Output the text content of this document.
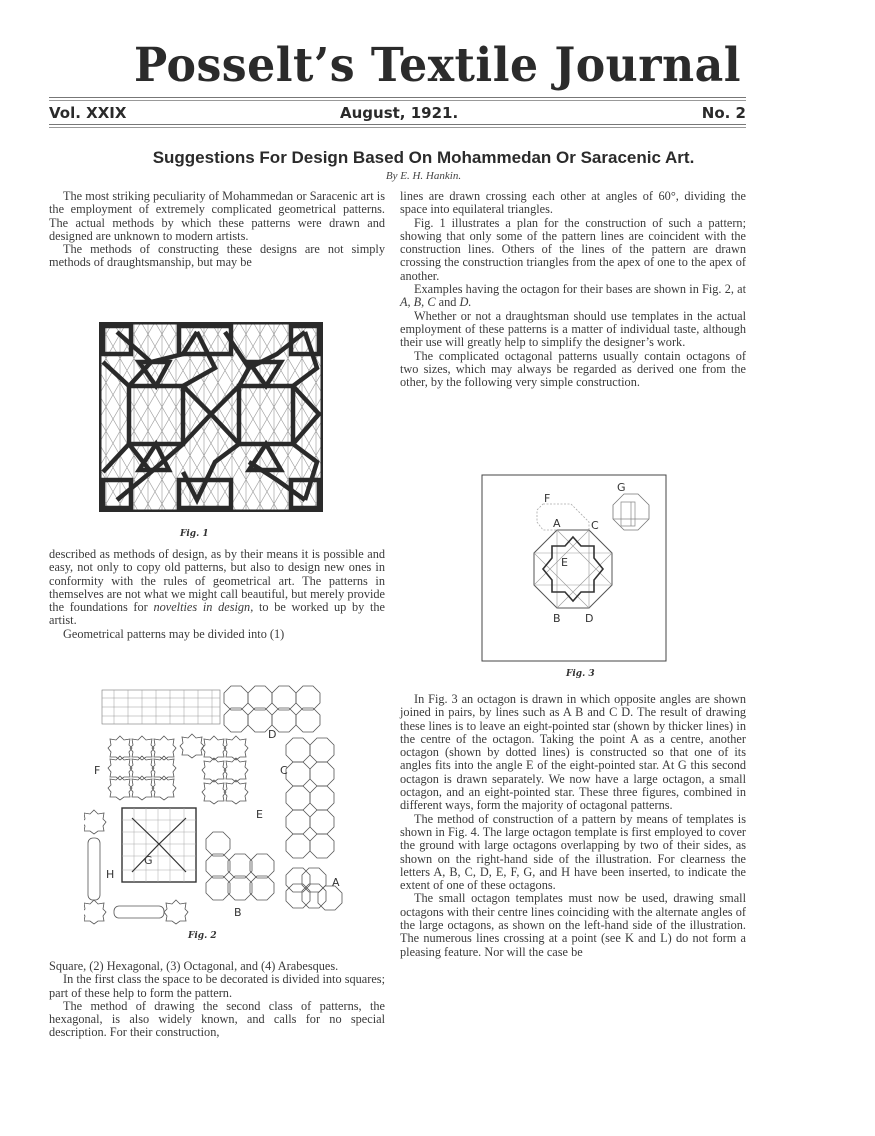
Posselt’s Textile Journal
Vol. XXIX	August, 1921.	No. 2
Suggestions For Design Based On Mohammedan Or Saracenic Art.
By E. H. Hankin.

The most striking peculiarity of Mohammedan or Saracenic art is the employment of extremely complicated geometrical patterns. The actual methods by which these patterns were drawn and designed are unknown to modern artists.

The methods of constructing these designs are not simply methods of draughtsmanship, but may be

Fig. 1

described as methods of design, as by their means it is possible and easy, not only to copy old patterns, but also to design new ones in conformity with the rules of geometrical art. The patterns in themselves are not what we might call beautiful, but merely provide the foundations for novelties in design, to be worked up by the artist.

Geometrical patterns may be divided into (1)

D
F	C
E
G
H
A
B
Fig. 2

Square, (2) Hexagonal, (3) Octagonal, and (4) Arabesques.

In the first class the space to be decorated is divided into squares; part of these help to form the pattern.

The method of drawing the second class of patterns, the hexagonal, is also widely known, and calls for no special description. For their construction,

lines are drawn crossing each other at angles of 60°, dividing the space into equilateral triangles.

Fig. 1 illustrates a plan for the construction of such a pattern; showing that only some of the pattern lines are coincident with the construction lines. Others of the lines of the pattern are drawn crossing the construction triangles from the apex of one to the apex of another.

Examples having the octagon for their bases are shown in Fig. 2, at A, B, C and D.

Whether or not a draughtsman should use templates in the actual employment of these patterns is a matter of individual taste, although their use will greatly help to simplify the designer’s work.

The complicated octagonal patterns usually contain octagons of two sizes, which may always be regarded as derived one from the other, by the following very simple construction.

G
F
A	C
E
B D
Fig. 3

In Fig. 3 an octagon is drawn in which opposite angles are shown joined in pairs, by lines such as A B and C D. The result of drawing these lines is to leave an eight-pointed star (shown by thicker lines) in the centre of the octagon. Taking the point A as a centre, another octagon (shown by dotted lines) is constructed so that one of its angles fits into the angle E of the eight-pointed star. At G this second octagon is drawn separately. We now have a large octagon, a small octagon, and an eight-pointed star. These three figures, combined in different ways, form the majority of octagonal patterns.

The method of construction of a pattern by means of templates is shown in Fig. 4. The large octagon template is first employed to cover the ground with large octagons overlapping by two of their sides, as shown on the right-hand side of the illustration. For clearness the letters A, B, C, D, E, F, G, and H have been inserted, to indicate the extent of one of these octagons.

The small octagon templates must now be used, drawing small octagons with their centre lines coinciding with the alternate angles of the large octagons, as shown on the left-hand side of the illustration. The numerous lines crossing at a point (see K and L) do not form a pleasing feature. Nor will the case be
